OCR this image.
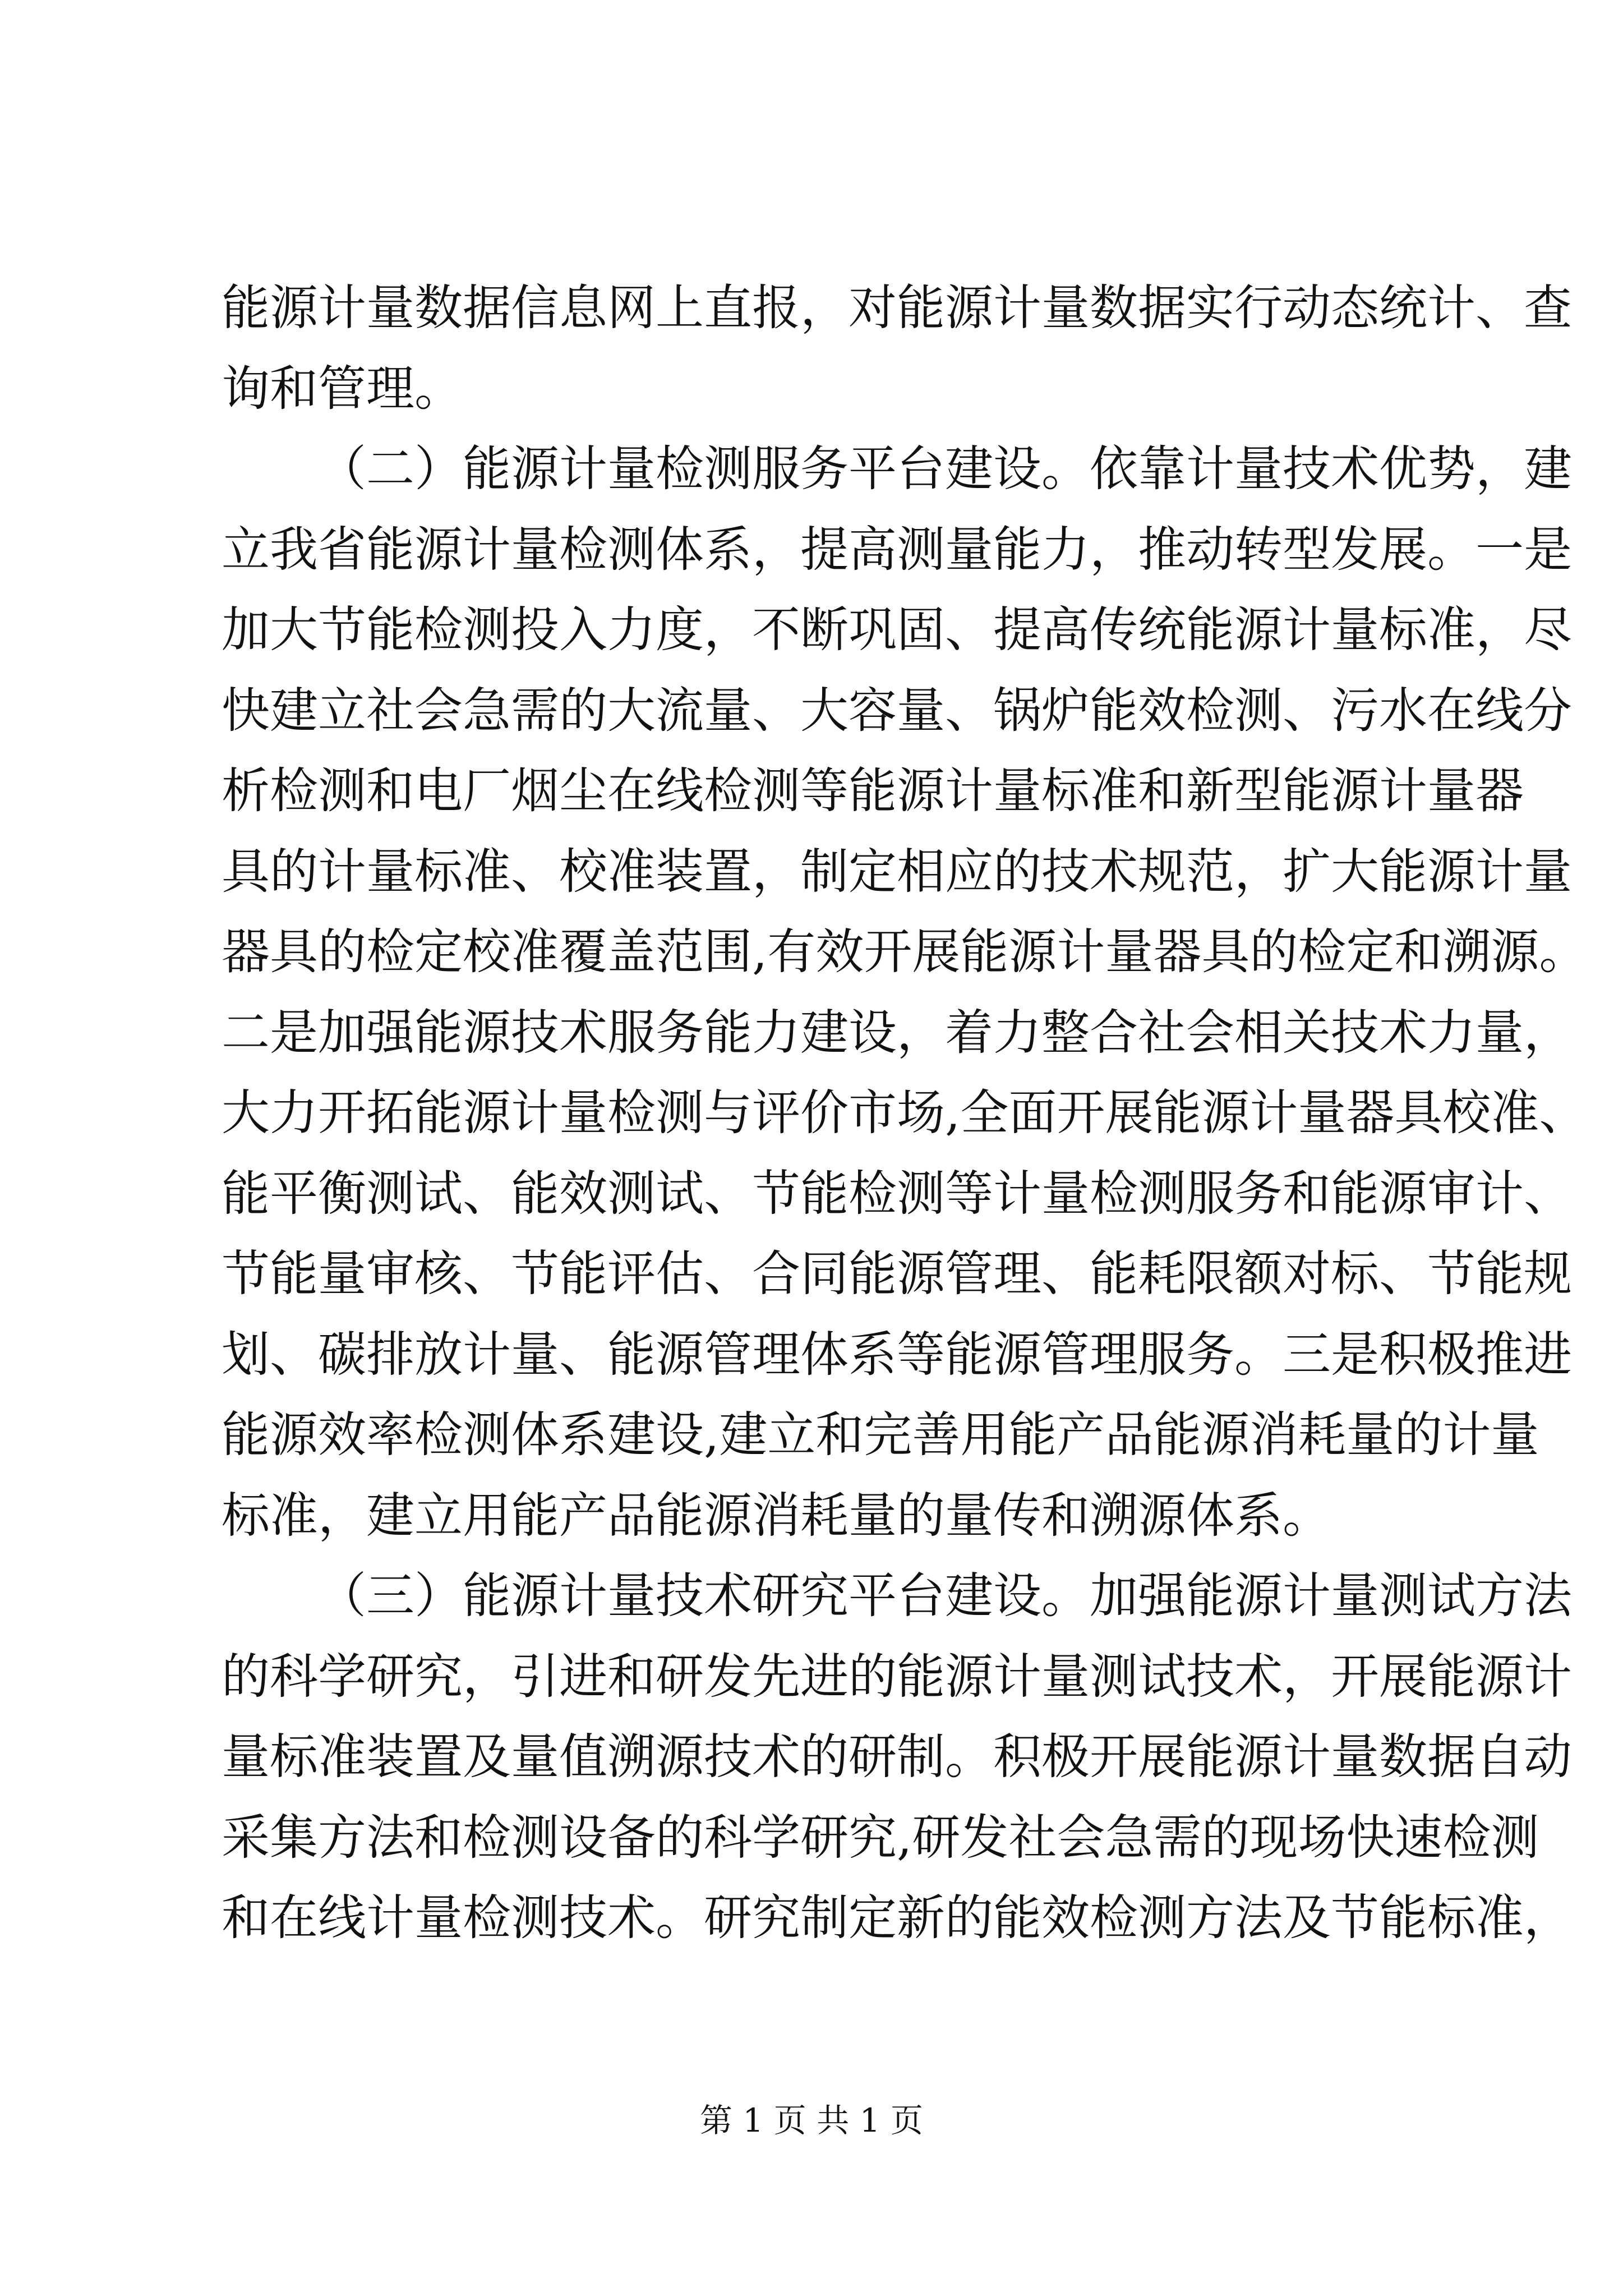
能源计量数据信息网上直报，对能源计量数据实行动态统计、查
询和管理。
（二）能源计量检测服务平台建设。依靠计量技术优势，建
立我省能源计量检测体系，提高测量能力，推动转型发展。一是
加大节能检测投入力度，不断巩固、提高传统能源计量标准，尽
快建立社会急需的大流量、大容量、锅炉能效检测、污水在线分
析检测和电厂烟尘在线检测等能源计量标准和新型能源计量器
具的计量标准、校准装置，制定相应的技术规范，扩大能源计量
器具的检定校准覆盖范围,有效开展能源计量器具的检定和溯源。
二是加强能源技术服务能力建设，着力整合社会相关技术力量，
大力开拓能源计量检测与评价市场,全面开展能源计量器具校准、
能平衡测试、能效测试、节能检测等计量检测服务和能源审计、
节能量审核、节能评估、合同能源管理、能耗限额对标、节能规
划、碳排放计量、能源管理体系等能源管理服务。三是积极推进
能源效率检测体系建设,建立和完善用能产品能源消耗量的计量
标准，建立用能产品能源消耗量的量传和溯源体系。
（三）能源计量技术研究平台建设。加强能源计量测试方法
的科学研究，引进和研发先进的能源计量测试技术，开展能源计
量标准装置及量值溯源技术的研制。积极开展能源计量数据自动
采集方法和检测设备的科学研究,研发社会急需的现场快速检测
和在线计量检测技术。研究制定新的能效检测方法及节能标准，
第 1 页 共 1 页
